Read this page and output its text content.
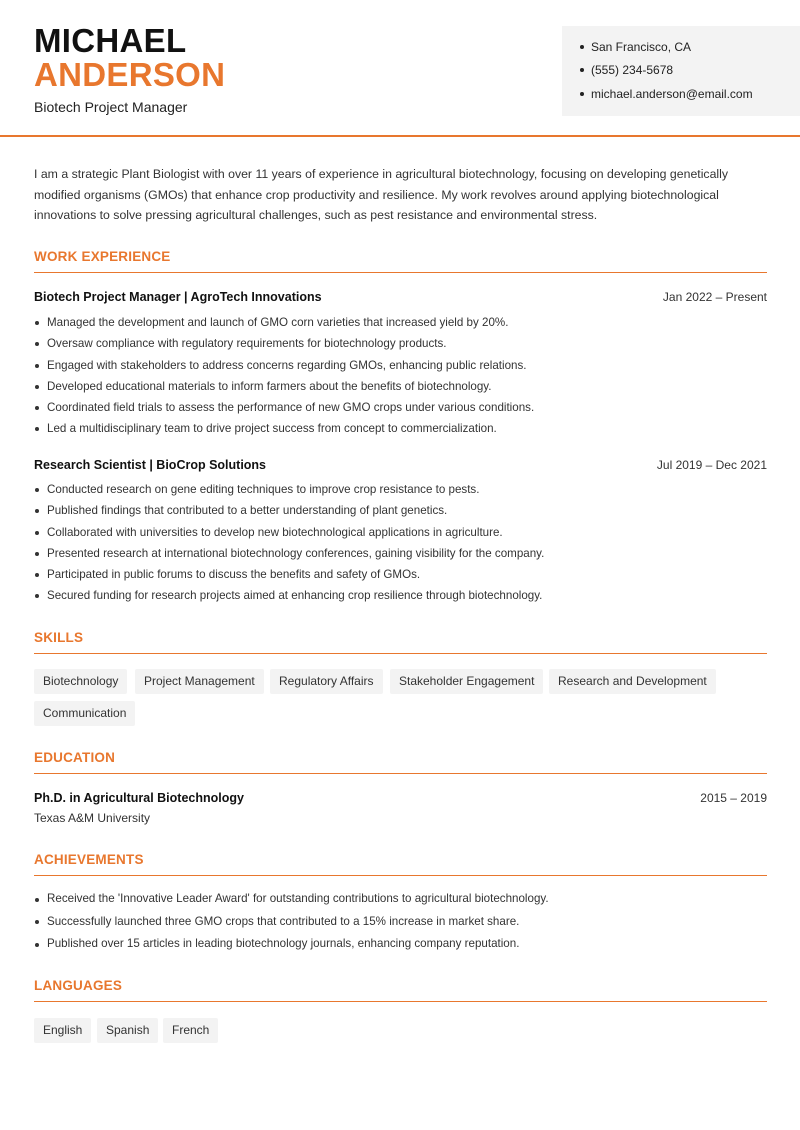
MICHAEL
ANDERSON
Biotech Project Manager
San Francisco, CA
(555) 234-5678
michael.anderson@email.com

I am a strategic Plant Biologist with over 11 years of experience in agricultural biotechnology, focusing on developing genetically modified organisms (GMOs) that enhance crop productivity and resilience. My work revolves around applying biotechnological innovations to solve pressing agricultural challenges, such as pest resistance and environmental stress.

WORK EXPERIENCE
Biotech Project Manager | AgroTech Innovations	Jan 2022 – Present
Managed the development and launch of GMO corn varieties that increased yield by 20%.
Oversaw compliance with regulatory requirements for biotechnology products.
Engaged with stakeholders to address concerns regarding GMOs, enhancing public relations.
Developed educational materials to inform farmers about the benefits of biotechnology.
Coordinated field trials to assess the performance of new GMO crops under various conditions.
Led a multidisciplinary team to drive project success from concept to commercialization.
Research Scientist | BioCrop Solutions	Jul 2019 – Dec 2021
Conducted research on gene editing techniques to improve crop resistance to pests.
Published findings that contributed to a better understanding of plant genetics.
Collaborated with universities to develop new biotechnological applications in agriculture.
Presented research at international biotechnology conferences, gaining visibility for the company.
Participated in public forums to discuss the benefits and safety of GMOs.
Secured funding for research projects aimed at enhancing crop resilience through biotechnology.
SKILLS
Biotechnology	Project Management	Regulatory Affairs	Stakeholder Engagement	Research and Development
Communication
EDUCATION
Ph.D. in Agricultural Biotechnology	2015 – 2019
Texas A&M University
ACHIEVEMENTS
Received the 'Innovative Leader Award' for outstanding contributions to agricultural biotechnology.
Successfully launched three GMO crops that contributed to a 15% increase in market share.
Published over 15 articles in leading biotechnology journals, enhancing company reputation.
LANGUAGES
English	Spanish	French
